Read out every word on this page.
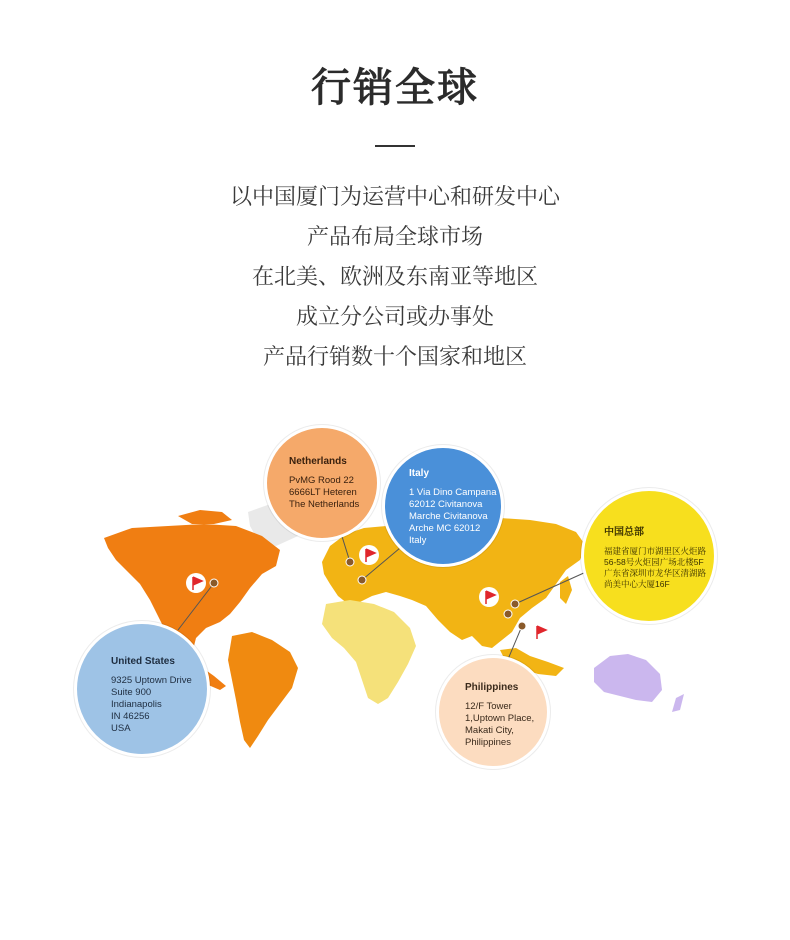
行销全球
以中国厦门为运营中心和研发中心
产品布局全球市场
在北美、欧洲及东南亚等地区
成立分公司或办事处
产品行销数十个国家和地区
Netherlands
PvMG Rood 22
6666LT Heteren
The Netherlands
Italy
1 Via Dino Campana
62012 Civitanova
Marche Civitanova
Arche MC 62012
Italy
中国总部
福建省厦门市湖里区火炬路
56-58号火炬园广场北楼5F
广东省深圳市龙华区清湖路
尚美中心大厦16F
United States
9325 Uptown Drive
Suite 900
Indianapolis
IN 46256
USA
Philippines
12/F Tower
1,Uptown Place,
Makati City,
Philippines
